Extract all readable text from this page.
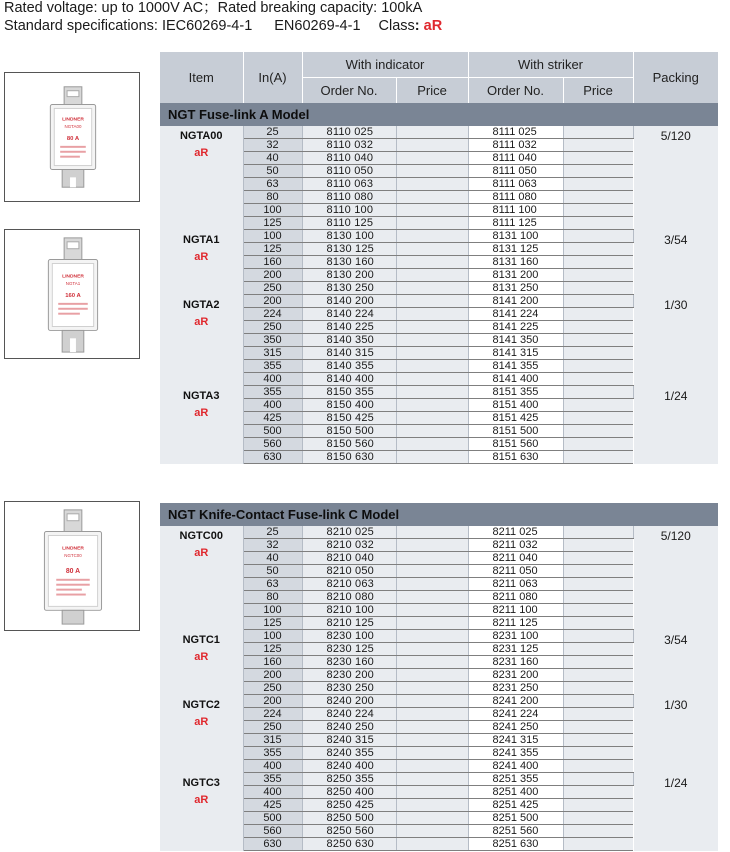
Rated voltage: up to 1000V AC；Rated breaking capacity: 100kA
Standard specifications: IEC60269-4-1 EN60269-4-1 Class: aR
LINDNER
NGTA00
80 A
LINDNER
NGTA1
160 A
LINDNER
NGTC00
80 A
Item	In(A)	With indicator		With striker		Packing
		Order No.	Price	Order No.	Price	
NGT Fuse-link A Model						

NGTA00
aR	25	8110 025		8111 025		5/120

	32	8110 032		8111 032		
	40	8110 040		8111 040		
	50	8110 050		8111 050		
	63	8110 063		8111 063		
	80	8110 080		8111 080		
	100	8110 100		8111 100		
	125	8110 125		8111 125		

NGTA1
aR	100	8130 100		8131 100		3/54

	125	8130 125		8131 125		
	160	8130 160		8131 160		
	200	8130 200		8131 200		
	250	8130 250		8131 250		

NGTA2
aR	200	8140 200		8141 200		1/30

	224	8140 224		8141 224		
	250	8140 225		8141 225		
	350	8140 350		8141 350		
	315	8140 315		8141 315		
	355	8140 355		8141 355		
	400	8140 400		8141 400		

NGTA3
aR	355	8150 355		8151 355		1/24

	400	8150 400		8151 400		
	425	8150 425		8151 425		
	500	8150 500		8151 500		
	560	8150 560		8151 560		
	630	8150 630		8151 630		
NGT Knife-Contact Fuse-link C Model						

NGTC00
aR	25	8210 025		8211 025		5/120

	32	8210 032		8211 032		
	40	8210 040		8211 040		
	50	8210 050		8211 050		
	63	8210 063		8211 063		
	80	8210 080		8211 080		
	100	8210 100		8211 100		
	125	8210 125		8211 125		

NGTC1
aR	100	8230 100		8231 100		3/54

	125	8230 125		8231 125		
	160	8230 160		8231 160		
	200	8230 200		8231 200		
	250	8230 250		8231 250		

NGTC2
aR	200	8240 200		8241 200		1/30

	224	8240 224		8241 224		
	250	8240 250		8241 250		
	315	8240 315		8241 315		
	355	8240 355		8241 355		
	400	8240 400		8241 400		

NGTC3
aR	355	8250 355		8251 355		1/24

	400	8250 400		8251 400		
	425	8250 425		8251 425		
	500	8250 500		8251 500		
	560	8250 560		8251 560		
	630	8250 630		8251 630		
